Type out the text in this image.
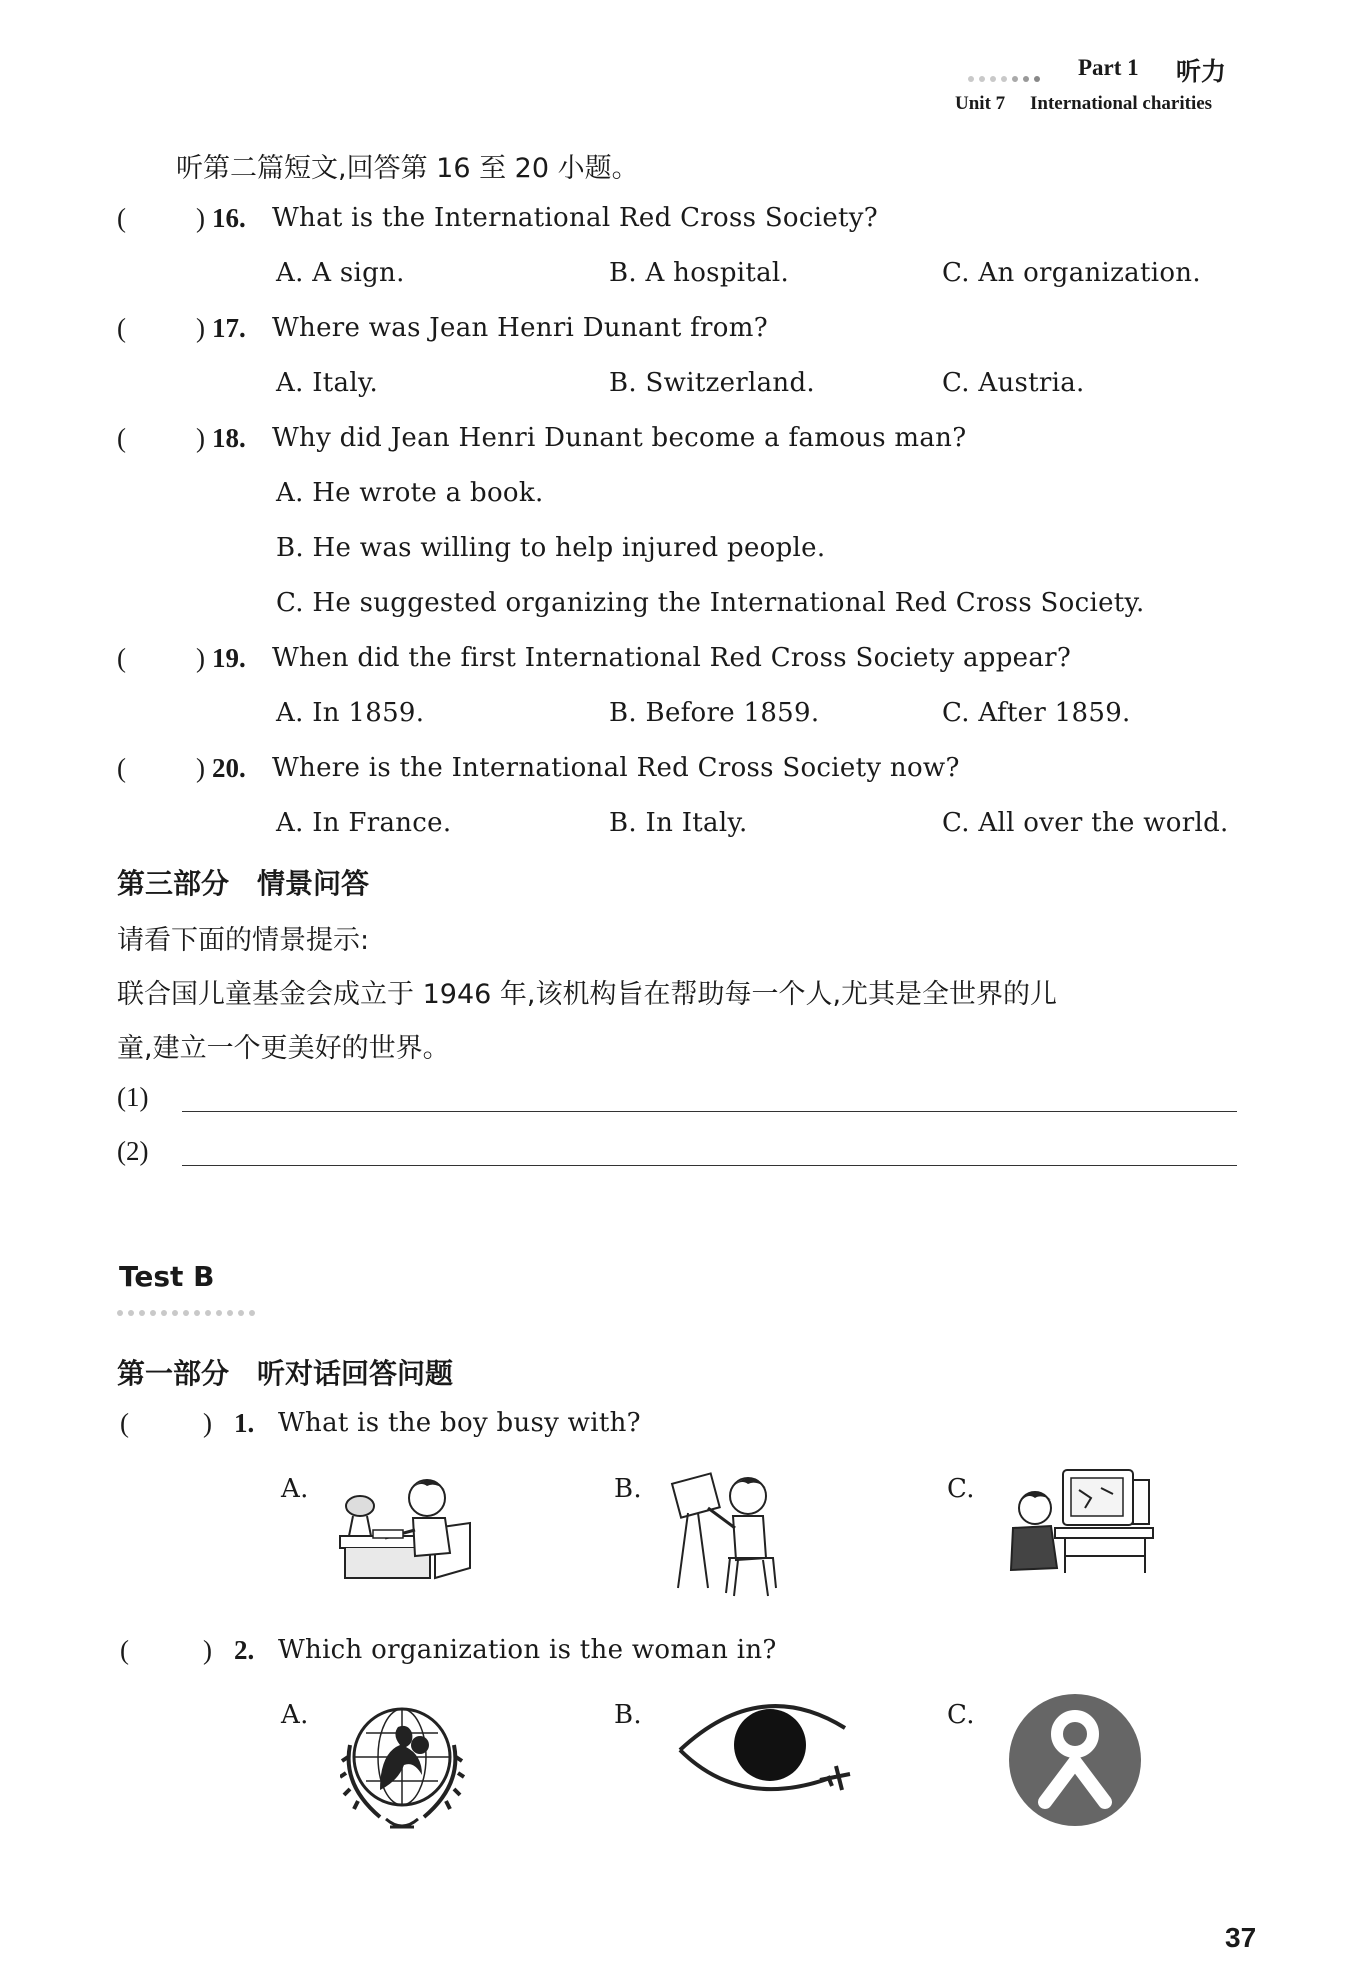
Part 1 听力
Unit 7 International charities
听第二篇短文,回答第 16 至 20 小题。
(	) 16. What is the International Red Cross Society?
A. A sign.	B. A hospital.	C. An organization.
(	) 17. Where was Jean Henri Dunant from?
A. Italy.	B. Switzerland.	C. Austria.
(	) 18. Why did Jean Henri Dunant become a famous man?
A. He wrote a book.
B. He was willing to help injured people.
C. He suggested organizing the International Red Cross Society.
(	) 19. When did the first International Red Cross Society appear?
A. In 1859.	B. Before 1859.	C. After 1859.
(	) 20. Where is the International Red Cross Society now?
A. In France.	B. In Italy.	C. All over the world.
第三部分　情景问答
请看下面的情景提示:
联合国儿童基金会成立于 1946 年,该机构旨在帮助每一个人,尤其是全世界的儿
童,建立一个更美好的世界。
(1)
(2)
Test B
第一部分　听对话回答问题
(	) 1. What is the boy busy with?
A.	B.	C.
(	) 2. Which organization is the woman in?
A.	B.	C.
37
